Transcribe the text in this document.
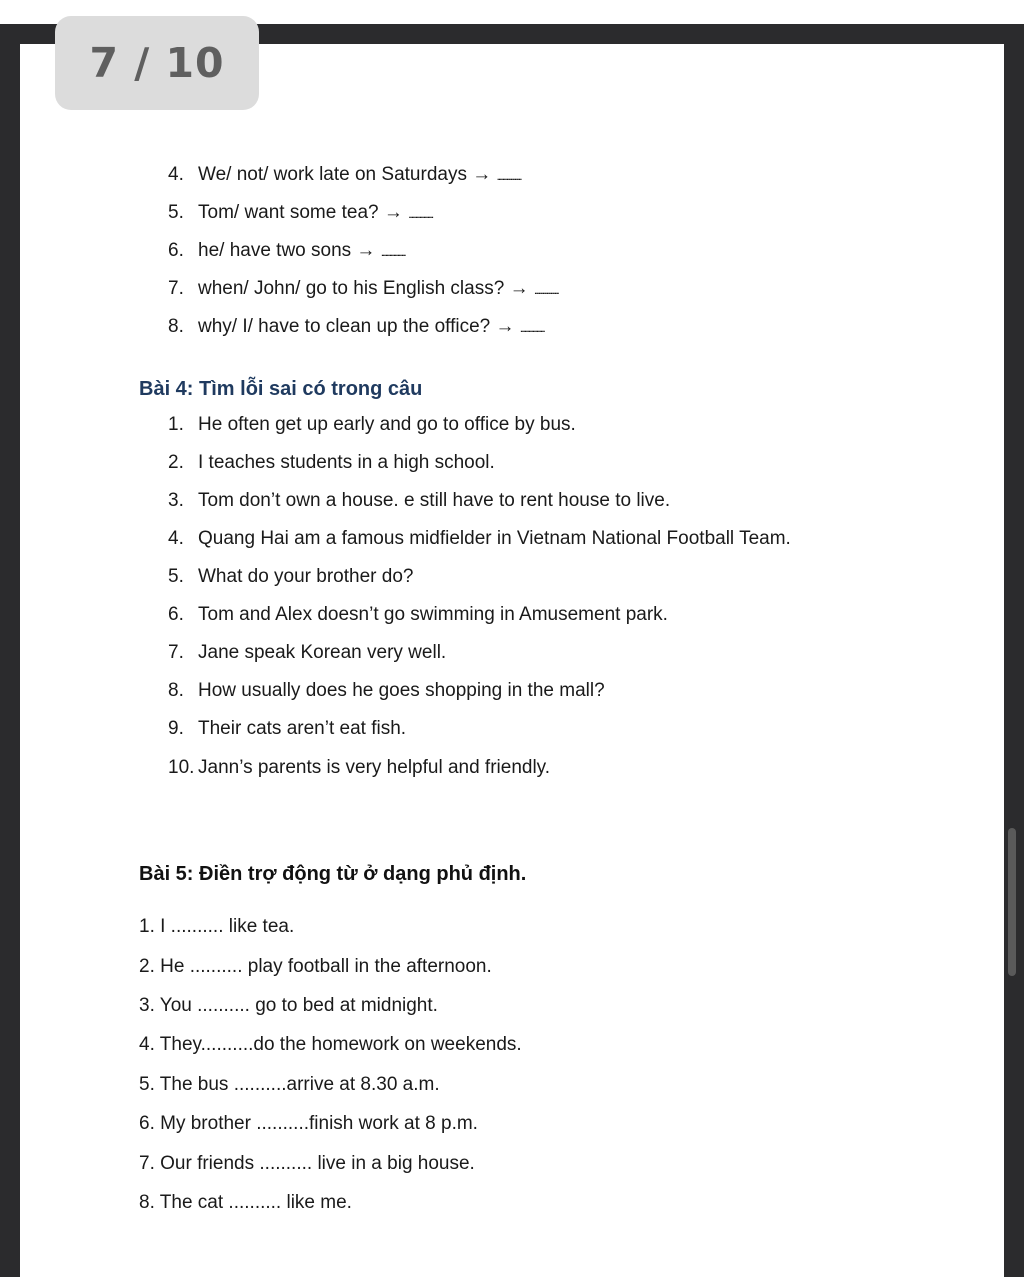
7 / 10
4. We/ not/ work late on Saturdays → ..................
5. Tom/ want some tea? → ..................
6. he/ have two sons → ..................
7. when/ John/ go to his English class? → ..................
8. why/ I/ have to clean up the office? → ..................
Bài 4: Tìm lỗi sai có trong câu
1. He often get up early and go to office by bus.
2. I teaches students in a high school.
3. Tom don’t own a house. e still have to rent house to live.
4. Quang Hai am a famous midfielder in Vietnam National Football Team.
5. What do your brother do?
6. Tom and Alex doesn’t go swimming in Amusement park.
7. Jane speak Korean very well.
8. How usually does he goes shopping in the mall?
9. Their cats aren’t eat fish.
10. Jann’s parents is very helpful and friendly.
Bài 5: Điền trợ động từ ở dạng phủ định.
1. I .......... like tea.
2. He .......... play football in the afternoon.
3. You .......... go to bed at midnight.
4. They..........do the homework on weekends.
5. The bus ..........arrive at 8.30 a.m.
6. My brother ..........finish work at 8 p.m.
7. Our friends .......... live in a big house.
8. The cat .......... like me.
